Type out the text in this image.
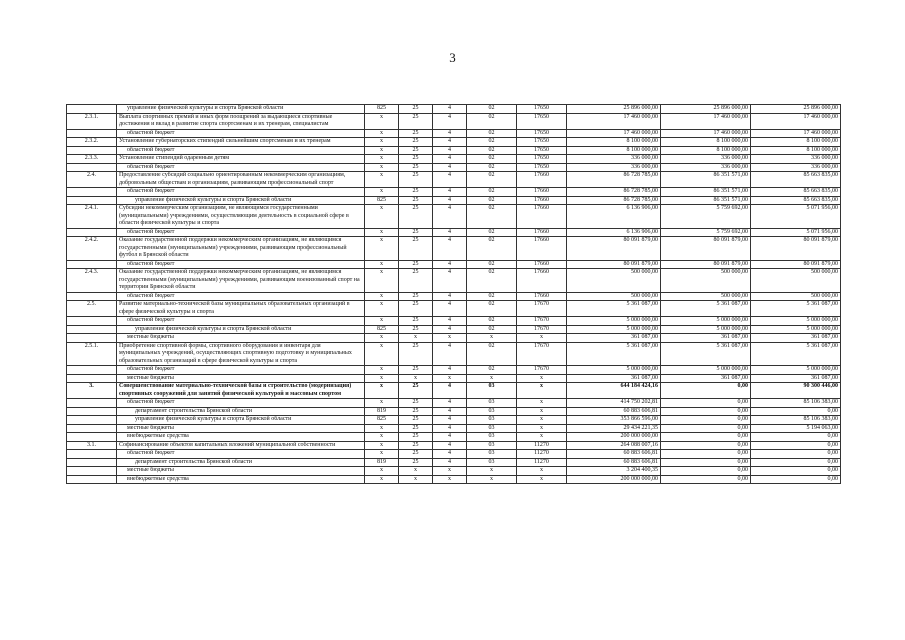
3
	управление физической культуры и спорта Брянской области	825	25	4	02	17650	25 896 000,00	25 896 000,00	25 896 000,00
2.3.1.	Выплата спортивных премий и иных форм поощрений за выдающиеся спортивные достижения и вклад в развитие спорта спортсменам и их тренерам, специалистам	х	25	4	02	17650	17 460 000,00	17 460 000,00	17 460 000,00
	областной бюджет	х	25	4	02	17650	17 460 000,00	17 460 000,00	17 460 000,00
2.3.2.	Установление губернаторских стипендий сильнейшим спортсменам и их тренерам	х	25	4	02	17650	8 100 000,00	8 100 000,00	8 100 000,00
	областной бюджет	х	25	4	02	17650	8 100 000,00	8 100 000,00	8 100 000,00
2.3.3.	Установление стипендий одаренным детям	х	25	4	02	17650	336 000,00	336 000,00	336 000,00
	областной бюджет	х	25	4	02	17650	336 000,00	336 000,00	336 000,00
2.4.	Предоставление субсидий социально ориентированным некоммерческим организациям, добровольным обществам и организациям, развивающим профессиональный спорт	х	25	4	02	17660	86 728 785,00	86 351 571,00	85 663 835,00
	областной бюджет	х	25	4	02	17660	86 728 785,00	86 351 571,00	85 663 835,00
	управление физической культуры и спорта Брянской области	825	25	4	02	17660	86 728 785,00	86 351 571,00	85 663 835,00
2.4.1.	Субсидии некоммерческим организациям, не являющимся государственными (муниципальными) учреждениями, осуществляющим деятельность в социальной сфере в области физической культуры и спорта	х	25	4	02	17660	6 136 906,00	5 759 692,00	5 071 956,00
	областной бюджет	х	25	4	02	17660	6 136 906,00	5 759 692,00	5 071 956,00
2.4.2.	Оказание государственной поддержки некоммерческим организациям, не являющимся государственными (муниципальными) учреждениями, развивающим профессиональный футбол в Брянской области	х	25	4	02	17660	80 091 879,00	80 091 879,00	80 091 879,00
	областной бюджет	х	25	4	02	17660	80 091 879,00	80 091 879,00	80 091 879,00
2.4.3.	Оказание государственной поддержки некоммерческим организациям, не являющимся государственными (муниципальными) учреждениями, развивающим военизованный спорт на территории Брянской области	х	25	4	02	17660	500 000,00	500 000,00	500 000,00
	областной бюджет	х	25	4	02	17660	500 000,00	500 000,00	500 000,00
2.5.	Развитие материально-технической базы муниципальных образовательных организаций в сфере физической культуры и спорта	х	25	4	02	17670	5 361 087,00	5 361 087,00	5 361 087,00
	областной бюджет	х	25	4	02	17670	5 000 000,00	5 000 000,00	5 000 000,00
	управление физической культуры и спорта Брянской области	825	25	4	02	17670	5 000 000,00	5 000 000,00	5 000 000,00
	местные бюджеты	х	х	х	х	х	361 087,00	361 087,00	361 087,00
2.5.1.	Приобретение спортивной формы, спортивного оборудования и инвентаря для муниципальных учреждений, осуществляющих спортивную подготовку и муниципальных образовательных организаций в сфере физической культуры и спорта	х	25	4	02	17670	5 361 087,00	5 361 087,00	5 361 087,00
	областной бюджет	х	25	4	02	17670	5 000 000,00	5 000 000,00	5 000 000,00
	местные бюджеты	х	х	х	х	х	361 087,00	361 087,00	361 087,00
3.	Совершенствование материально-технической базы и строительство (модернизация) спортивных сооружений для занятий физической культурой и массовым спортом	х	25	4	03	х	644 184 424,16	0,00	90 300 446,00
	областной бюджет	х	25	4	03	х	414 750 202,81	0,00	85 106 383,00
	департамент строительства Брянской области	819	25	4	03	х	60 883 606,81	0,00	0,00
	управление физической культуры и спорта Брянской области	825	25	4	03	х	353 866 596,00	0,00	85 106 383,00
	местные бюджеты	х	25	4	03	х	29 434 221,35	0,00	5 194 063,00
	внебюджетные средства	х	25	4	03	х	200 000 000,00	0,00	0,00
3.1.	Софинансирование объектов капитальных вложений муниципальной собственности	х	25	4	03	11270	264 088 007,16	0,00	0,00
	областной бюджет	х	25	4	03	11270	60 883 606,81	0,00	0,00
	департамент строительства Брянской области	819	25	4	03	11270	60 883 606,81	0,00	0,00
	местные бюджеты	х	х	х	х	х	3 204 400,35	0,00	0,00
	внебюджетные средства	х	х	х	х	х	200 000 000,00	0,00	0,00
